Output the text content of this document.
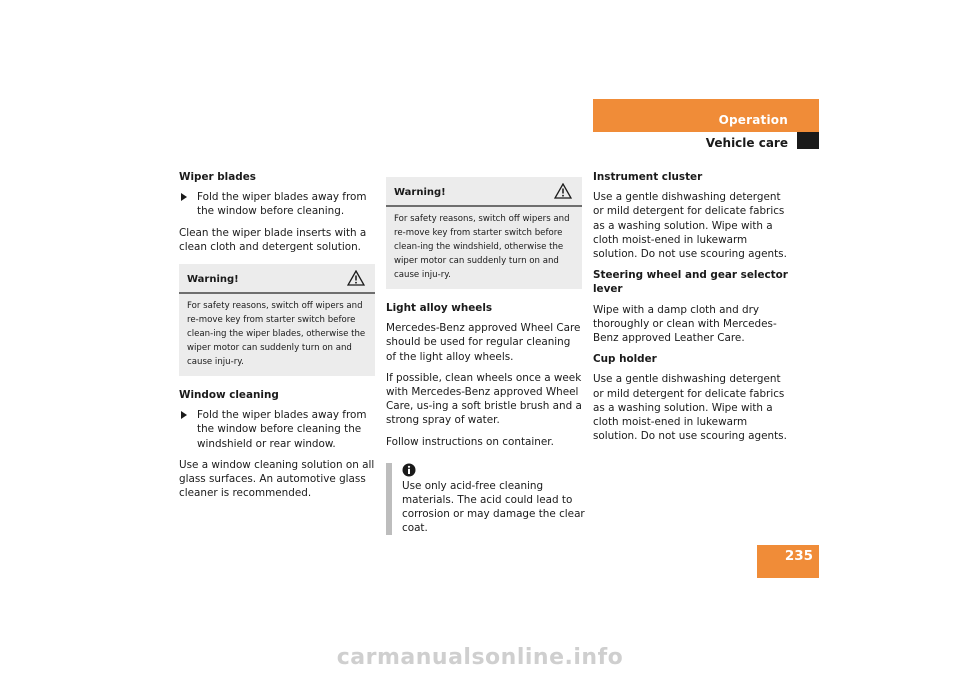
Operation
Vehicle care
Wiper blades
Fold the wiper blades away from the window before cleaning.

Clean the wiper blade inserts with a clean cloth and detergent solution.

Warning!
For safety reasons, switch off wipers and re-move key from starter switch before clean-ing the wiper blades, otherwise the wiper motor can suddenly turn on and cause inju-ry.
Window cleaning
Fold the wiper blades away from the window before cleaning the windshield or rear window.

Use a window cleaning solution on all glass surfaces. An automotive glass cleaner is recommended.

Warning!
For safety reasons, switch off wipers and re-move key from starter switch before clean-ing the windshield, otherwise the wiper motor can suddenly turn on and cause inju-ry.
Light alloy wheels

Mercedes-Benz approved Wheel Care should be used for regular cleaning of the light alloy wheels.

If possible, clean wheels once a week with Mercedes-Benz approved Wheel Care, us-ing a soft bristle brush and a strong spray of water.

Follow instructions on container.

Use only acid-free cleaning materials. The acid could lead to corrosion or may damage the clear coat.
Instrument cluster

Use a gentle dishwashing detergent or mild detergent for delicate fabrics as a washing solution. Wipe with a cloth moist-ened in lukewarm solution. Do not use scouring agents.

Steering wheel and gear selector lever

Wipe with a damp cloth and dry thoroughly or clean with Mercedes-Benz approved Leather Care.

Cup holder

Use a gentle dishwashing detergent or mild detergent for delicate fabrics as a washing solution. Wipe with a cloth moist-ened in lukewarm solution. Do not use scouring agents.

235
carmanualsonline.info
